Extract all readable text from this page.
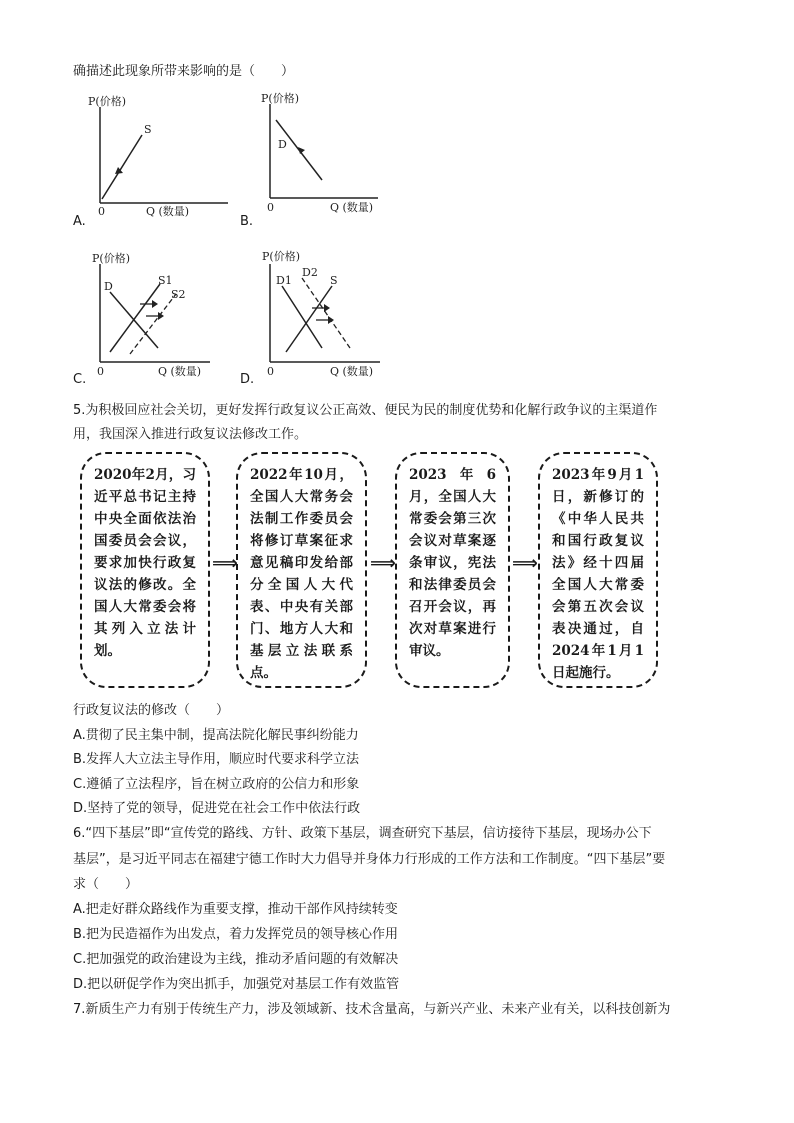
确描述此现象所带来影响的是（　　）
S
0	Q (数量)
P(价格)
A.
D
0	Q (数量)
P(价格)
B.
D	S1
S2
0	Q (数量)
P(价格)
C.
D1
D2
S
0	Q (数量)
P(价格)
D.
5.为积极回应社会关切，更好发挥行政复议公正高效、便民为民的制度优势和化解行政争议的主渠道作
用，我国深入推进行政复议法修改工作。
2020年2月，习近平总书记主持中央全面依法治国委员会会议，要求加快行政复议法的修改。全国人大常委会将其列入立法计划。
⟹
2022年10月，全国人大常务会法制工作委员会将修订草案征求意见稿印发给部分全国人大代表、中央有关部门、地方人大和基层立法联系点。
⟹
2023年6月，全国人大常委会第三次会议对草案逐条审议，宪法和法律委员会召开会议，再次对草案进行审议。
⟹
2023年9月1日，新修订的《中华人民共和国行政复议法》经十四届全国人大常委会第五次会议表决通过，自2024年1月1日起施行。
行政复议法的修改（　　）
A.贯彻了民主集中制，提高法院化解民事纠纷能力
B.发挥人大立法主导作用，顺应时代要求科学立法
C.遵循了立法程序，旨在树立政府的公信力和形象
D.坚持了党的领导，促进党在社会工作中依法行政
6.“四下基层”即“宣传党的路线、方针、政策下基层，调查研究下基层，信访接待下基层，现场办公下
基层”，是习近平同志在福建宁德工作时大力倡导并身体力行形成的工作方法和工作制度。“四下基层”要
求（　　）
A.把走好群众路线作为重要支撑，推动干部作风持续转变
B.把为民造福作为出发点，着力发挥党员的领导核心作用
C.把加强党的政治建设为主线，推动矛盾问题的有效解决
D.把以研促学作为突出抓手，加强党对基层工作有效监管
7.新质生产力有别于传统生产力，涉及领域新、技术含量高，与新兴产业、未来产业有关，以科技创新为
